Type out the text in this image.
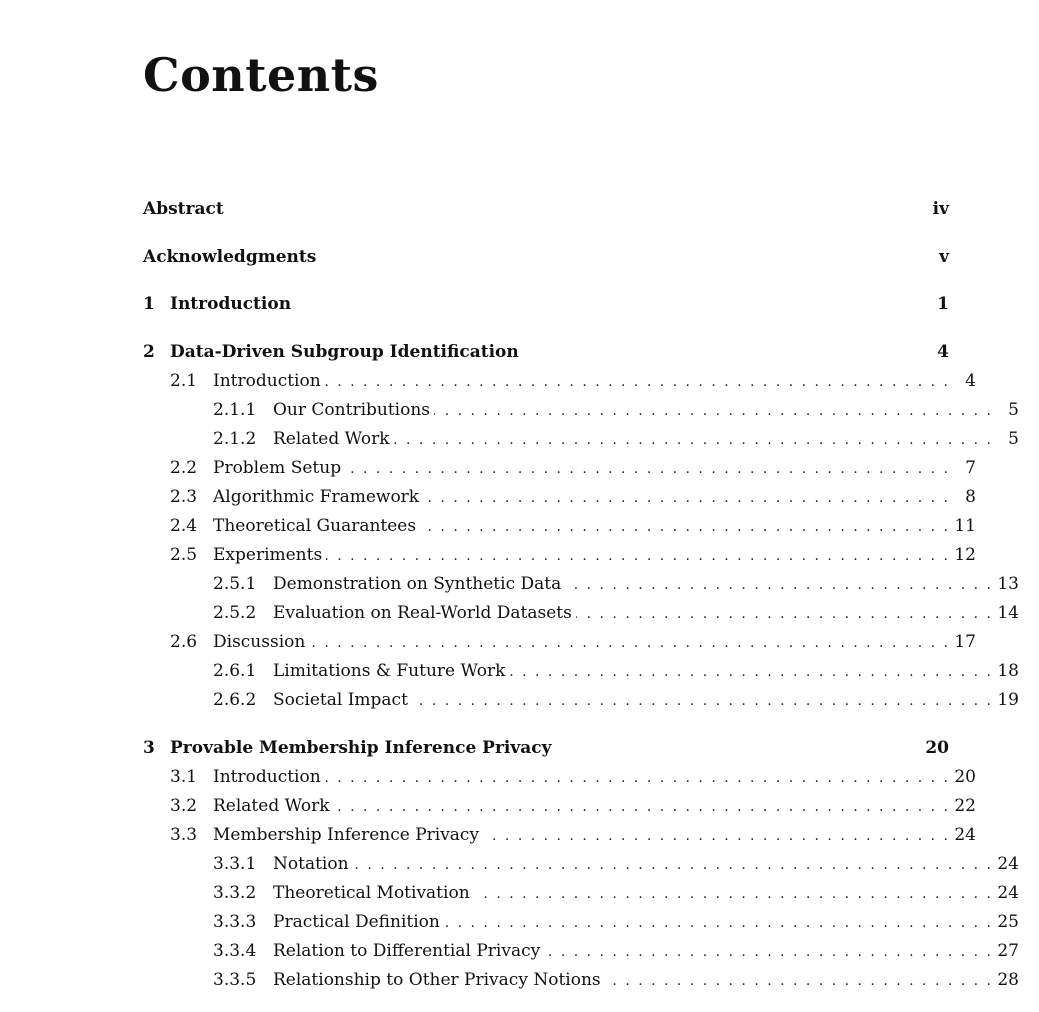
Contents
Abstract	iv
Acknowledgments	v
1 Introduction	1
2 Data-Driven Subgroup Identification	4
2.1 Introduction . . .	4
2.1.1 Our Contributions . . .	5
2.1.2 Related Work . . .	5
2.2 Problem Setup . . .	7
2.3 Algorithmic Framework . . .	8
2.4 Theoretical Guarantees . . .	11
2.5 Experiments . . .	12
2.5.1 Demonstration on Synthetic Data . . .	13
2.5.2 Evaluation on Real-World Datasets . . .	14
2.6 Discussion . . .	17
2.6.1 Limitations & Future Work . . .	18
2.6.2 Societal Impact . . .	19
3 Provable Membership Inference Privacy	20
3.1 Introduction . . .	20
3.2 Related Work . . .	22
3.3 Membership Inference Privacy . . .	24
3.3.1 Notation . . .	24
3.3.2 Theoretical Motivation . . .	24
3.3.3 Practical Definition . . .	25
3.3.4 Relation to Differential Privacy . . .	27
3.3.5 Relationship to Other Privacy Notions . . .	28
